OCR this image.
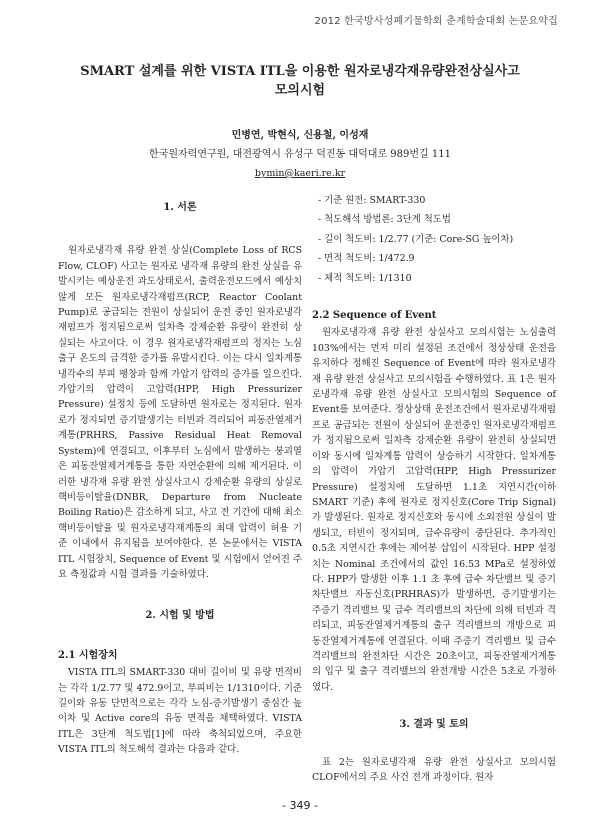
2012 한국방사성폐기물학회 춘계학술대회 논문요약집
SMART 설계를 위한 VISTA ITL을 이용한 원자로냉각재유량완전상실사고
모의시험
민병연, 박현식, 신용철, 이성재
한국원자력연구원, 대전광역시 유성구 덕진동 대덕대로 989번길 111
bymin@kaeri.re.kr
1. 서론

원자로냉각재 유량 완전 상실(Complete Loss of RCS Flow, CLOF) 사고는 원자로 냉각재 유량의 완전 상실을 유발시키는 예상운전 과도상태로서, 출력운전모드에서 예상치 않게 모든 원자로냉각재펌프(RCP, Reactor Coolant Pump)로 공급되는 전원이 상실되어 운전 중인 원자로냉각재펌프가 정지됨으로써 일차측 강제순환 유량이 완전히 상실되는 사고이다. 이 경우 원자로냉각재펌프의 정지는 노심출구 온도의 급격한 증가를 유발시킨다. 이는 다시 일차계통 냉각수의 부피 팽창과 함께 가압기 압력의 증가를 일으킨다. 가압기의 압력이 고압력(HPP, High Pressurizer Pressure) 설정치 등에 도달하면 원자로는 정지된다. 원자로가 정지되면 증기발생기는 터빈과 격리되어 피동잔열제거계통(PRHRS, Passive Residual Heat Removal System)에 연결되고, 이후부터 노심에서 발생하는 붕괴열은 피동잔열제거계통을 통한 자연순환에 의해 제거된다. 이러한 냉각재 유량 완전 상실사고시 강제순환 유량의 상실로 핵비등이탈율(DNBR, Departure from Nucleate Boiling Ratio)은 감소하게 되고, 사고 전 기간에 대해 최소핵비등이탈율 및 원자로냉각재계통의 최대 압력이 허용 기준 이내에서 유지됨을 보여야한다. 본 논문에서는 VISTA ITL 시험장치, Sequence of Event 및 시험에서 얻어진 주요 측정값과 시험 결과를 기술하였다.

2. 시험 및 방법
2.1 시험장치

VISTA ITL의 SMART-330 대비 길이비 및 유량 면적비는 각각 1/2.77 및 472.9이고, 부피비는 1/1310이다. 기준 길이와 유동 단면적으로는 각각 노심-증기발생기 중심간 높이차 및 Active core의 유동 면적을 채택하였다. VISTA ITL은 3단계 척도법[1]에 따라 축척되었으며, 주요한 VISTA ITL의 척도해석 결과는 다음과 같다.

- 기준 원전: SMART-330
- 척도해석 방법론: 3단계 척도법
- 길이 척도비: 1/2.77 (기준: Core-SG 높이차)
- 면적 척도비: 1/472.9
- 체적 척도비: 1/1310
2.2 Sequence of Event

원자로냉각재 유량 완전 상실사고 모의시험는 노심출력 103%에서는 먼저 미리 설정된 조건에서 정상상태 운전을 유지하다 정해진 Sequence of Event에 따라 원자로냉각재 유량 완전 상실사고 모의시험을 수행하였다. 표 1은 원자로냉각재 유량 완전 상실사고 모의시험의 Sequence of Event를 보여준다. 정상상태 운전조건에서 원자로냉각재펌프로 공급되는 전원이 상실되어 운전중인 원자로냉각재펌프가 정지됨으로써 일차측 강제순환 유량이 완전히 상실되면 이와 동시에 일차계통 압력이 상승하기 시작한다. 일차계통의 압력이 가압기 고압력(HPP, High Pressurizer Pressure) 설정치에 도달하면 1.1초 지연시간(이하 SMART 기준) 후에 원자로 정지신호(Core Trip Signal)가 발생된다. 원자로 정지신호와 동시에 소외전원 상실이 발생되고, 터빈이 정지되며, 급수유량이 중단된다. 추가적인 0.5초 지연시간 후에는 제어봉 삽입이 시작된다. HPP 설정치는 Nominal 조건에서의 값인 16.53 MPa로 설정하였다. HPP가 발생한 이후 1.1 초 후에 급수 차단밸브 및 증기차단밸브 자동신호(PRHRAS)가 발생하면, 증기발생기는 주증기 격리밸브 및 급수 격리밸브의 차단에 의해 터빈과 격리되고, 피동잔열제거계통의 출구 격리밸브의 개방으로 피동잔열제거계통에 연결된다. 이때 주증기 격리밸브 및 급수 격리밸브의 완전차단 시간은 20초이고, 피동잔열제거계통의 입구 및 출구 격리밸브의 완전개방 시간은 5초로 가정하였다.

3. 결과 및 토의

표 2는 원자로냉각재 유량 완전 상실사고 모의시험 CLOF에서의 주요 사건 전개 과정이다. 원자

- 349 -
